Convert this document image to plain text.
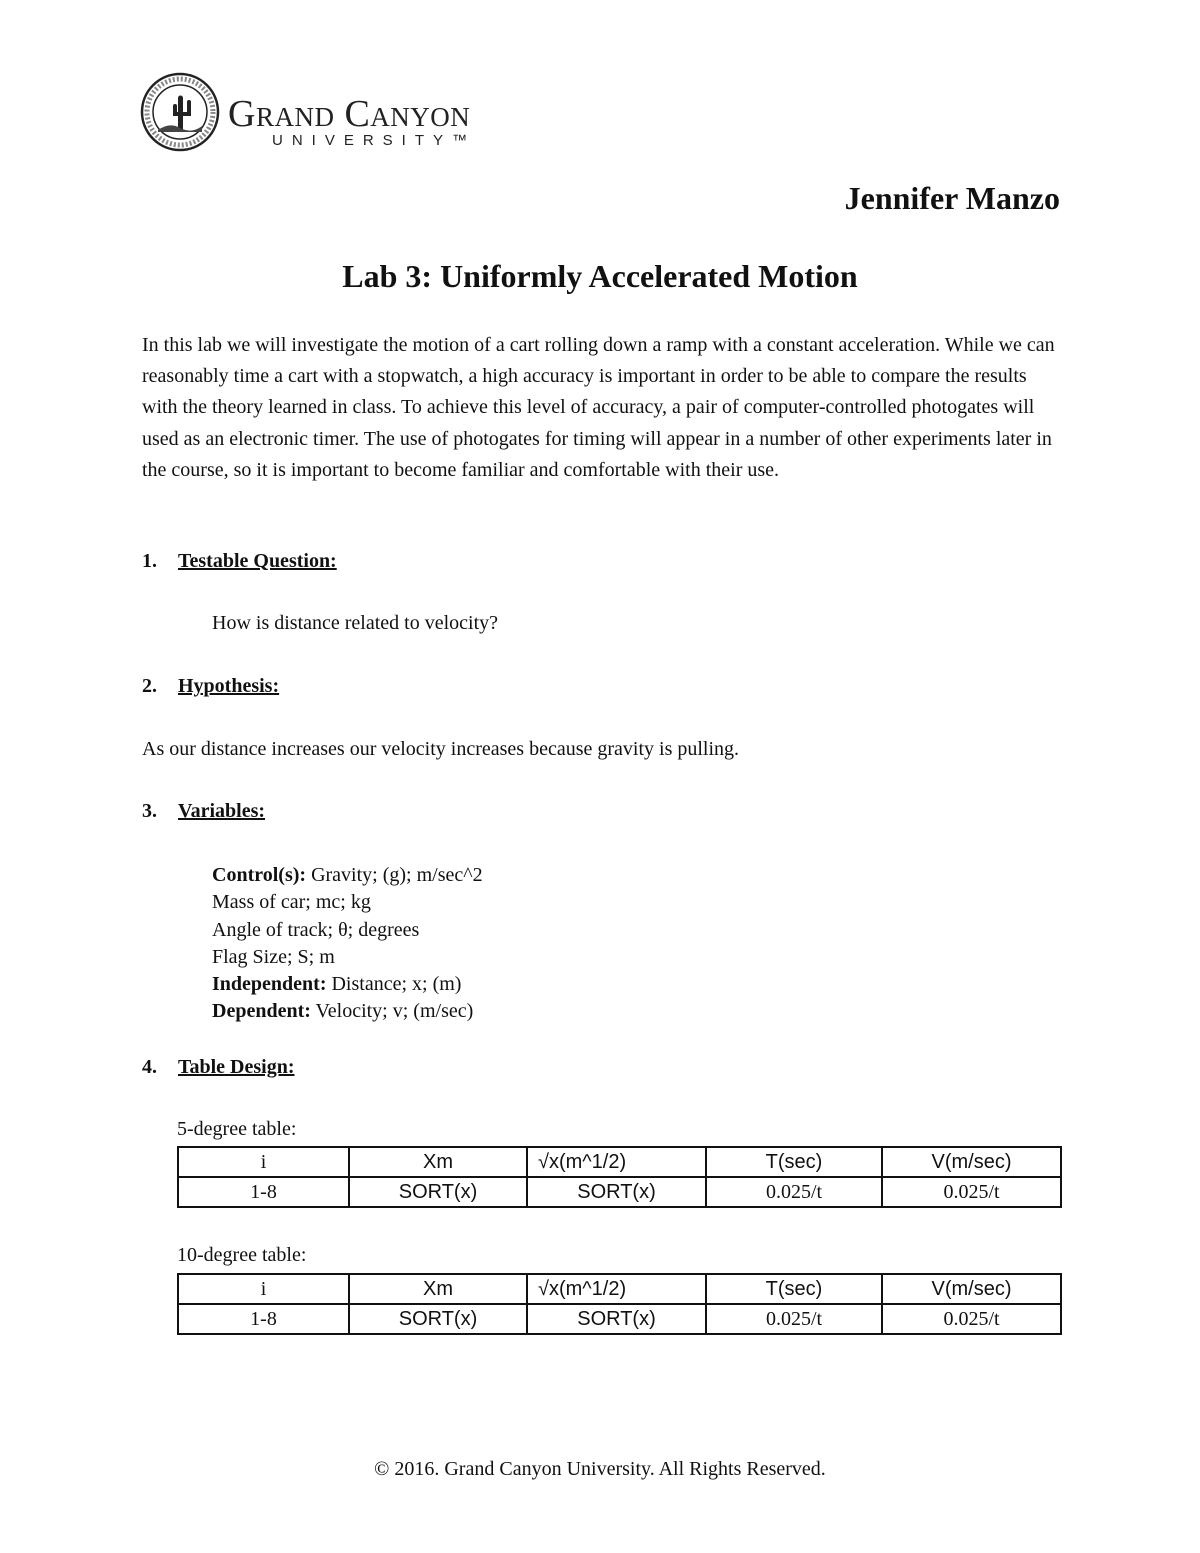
Grand Canyon
UNIVERSITY™
Jennifer Manzo
Lab 3: Uniformly Accelerated Motion
In this lab we will investigate the motion of a cart rolling down a ramp with a constant acceleration. While we can reasonably time a cart with a stopwatch, a high accuracy is important in order to be able to compare the results with the theory learned in class. To achieve this level of accuracy, a pair of computer-controlled photogates will used as an electronic timer. The use of photogates for timing will appear in a number of other experiments later in the course, so it is important to become familiar and comfortable with their use.
1. Testable Question:
How is distance related to velocity?
2. Hypothesis:
As our distance increases our velocity increases because gravity is pulling.
3. Variables:
Control(s): Gravity; (g); m/sec^2
Mass of car; mc; kg
Angle of track; θ; degrees
Flag Size; S; m
Independent: Distance; x; (m)
Dependent: Velocity; v; (m/sec)
4. Table Design:
5-degree table:
i	Xm	√x(m^1/2)	T(sec)	V(m/sec)
1-8	SORT(x)	SORT(x)	0.025/t	0.025/t
10-degree table:
i	Xm	√x(m^1/2)	T(sec)	V(m/sec)
1-8	SORT(x)	SORT(x)	0.025/t	0.025/t
© 2016. Grand Canyon University. All Rights Reserved.
